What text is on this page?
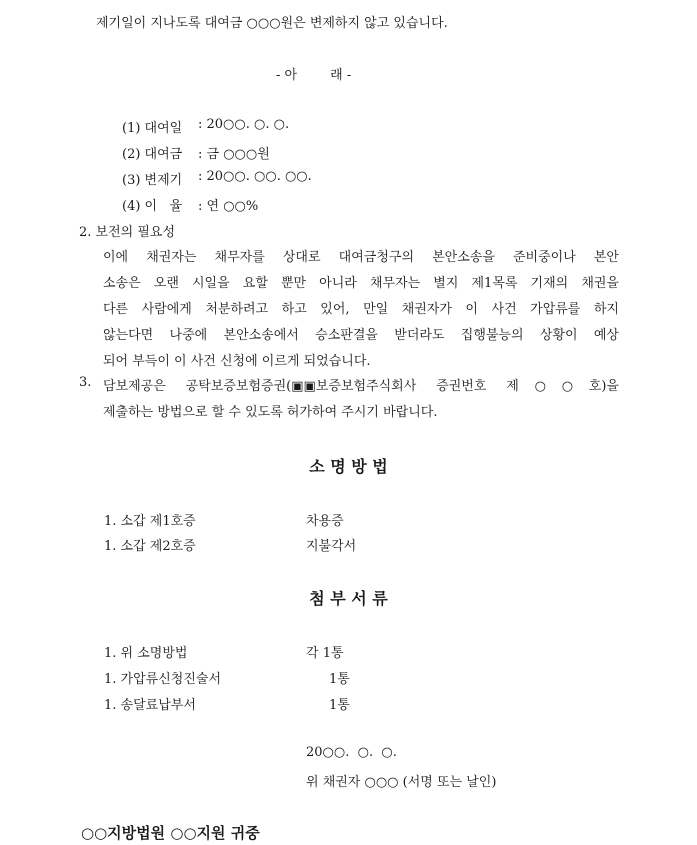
제기일이 지나도록 대여금 ○○○원은 변제하지 않고 있습니다.
- 아        래 -
(1) 대여일 : 20○○. ○. ○.
(2) 대여금 : 금 ○○○원
(3) 변제기 : 20○○. ○○. ○○.
(4) 이   율 : 연 ○○%
2. 보전의 필요성
이에 채권자는 채무자를 상대로 대여금청구의 본안소송을 준비중이나 본안
소송은 오랜 시일을 요할 뿐만 아니라 채무자는 별지 제1목록 기재의 채권을
다른 사람에게 처분하려고 하고 있어, 만일 채권자가 이 사건 가압류를 하지
않는다면 나중에 본안소송에서 승소판결을 받더라도 집행불능의 상황이 예상
되어 부득이 이 사건 신청에 이르게 되었습니다.
3. 담보제공은 공탁보증보험증권(▣▣보증보험주식회사 증권번호 제○○호)을
제출하는 방법으로 할 수 있도록 허가하여 주시기 바랍니다.
소 명 방 법
1. 소갑 제1호증	차용증
1. 소갑 제2호증	지불각서
첨 부 서 류
1. 위 소명방법	각 1통
1. 가압류신청진술서	1통
1. 송달료납부서	1통
20○○.  ○.  ○.
위 채권자 ○○○ (서명 또는 날인)
○○지방법원 ○○지원 귀중
